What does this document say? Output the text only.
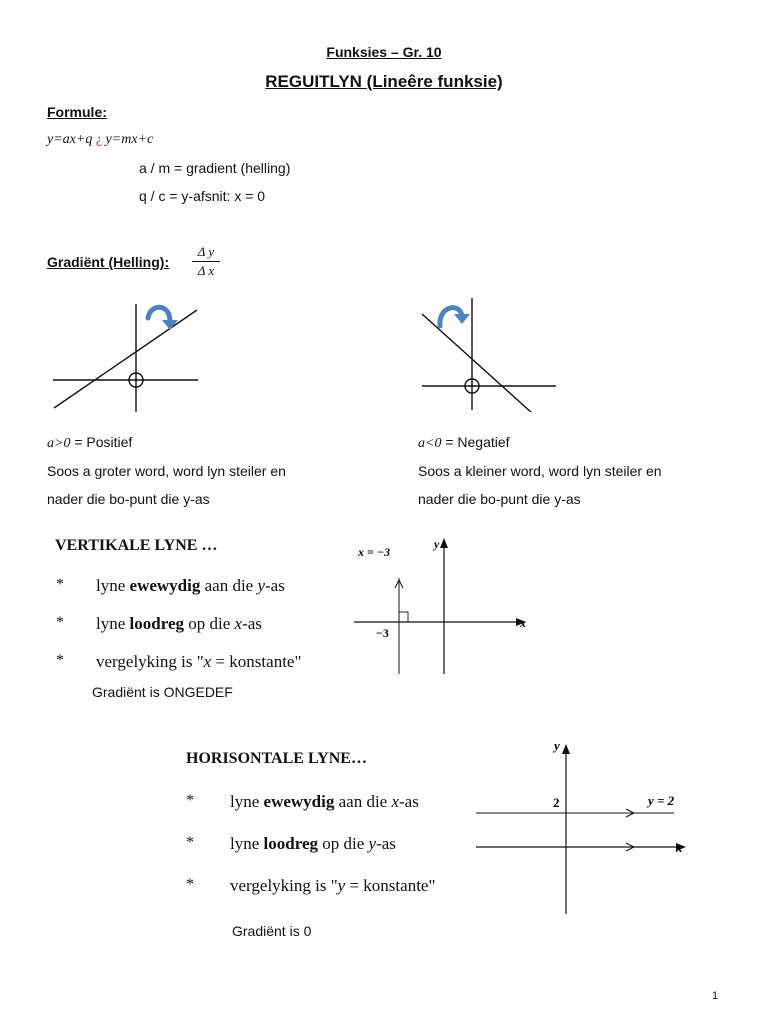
Funksies – Gr. 10
REGUITLYN (Lineêre funksie)
Formule:
y=ax+q ¿ y=mx+c
a / m = gradient (helling)
q / c = y-afsnit: x = 0
Gradiënt (Helling):
Δ y
Δ x
a>0 = Positief
Soos a groter word, word lyn steiler en
nader die bo-punt die y-as
a<0 = Negatief
Soos a kleiner word, word lyn steiler en
nader die bo-punt die y-as
VERTIKALE LYNE …
* lyne ewewydig aan die y-as
* lyne loodreg op die x-as
* vergelyking is "x = konstante"
Gradiënt is ONGEDEF
x = −3
y
x
−3
HORISONTALE LYNE…
* lyne ewewydig aan die x-as
* lyne loodreg op die y-as
* vergelyking is "y = konstante"
Gradiënt is 0
y
x
2	y = 2
1
